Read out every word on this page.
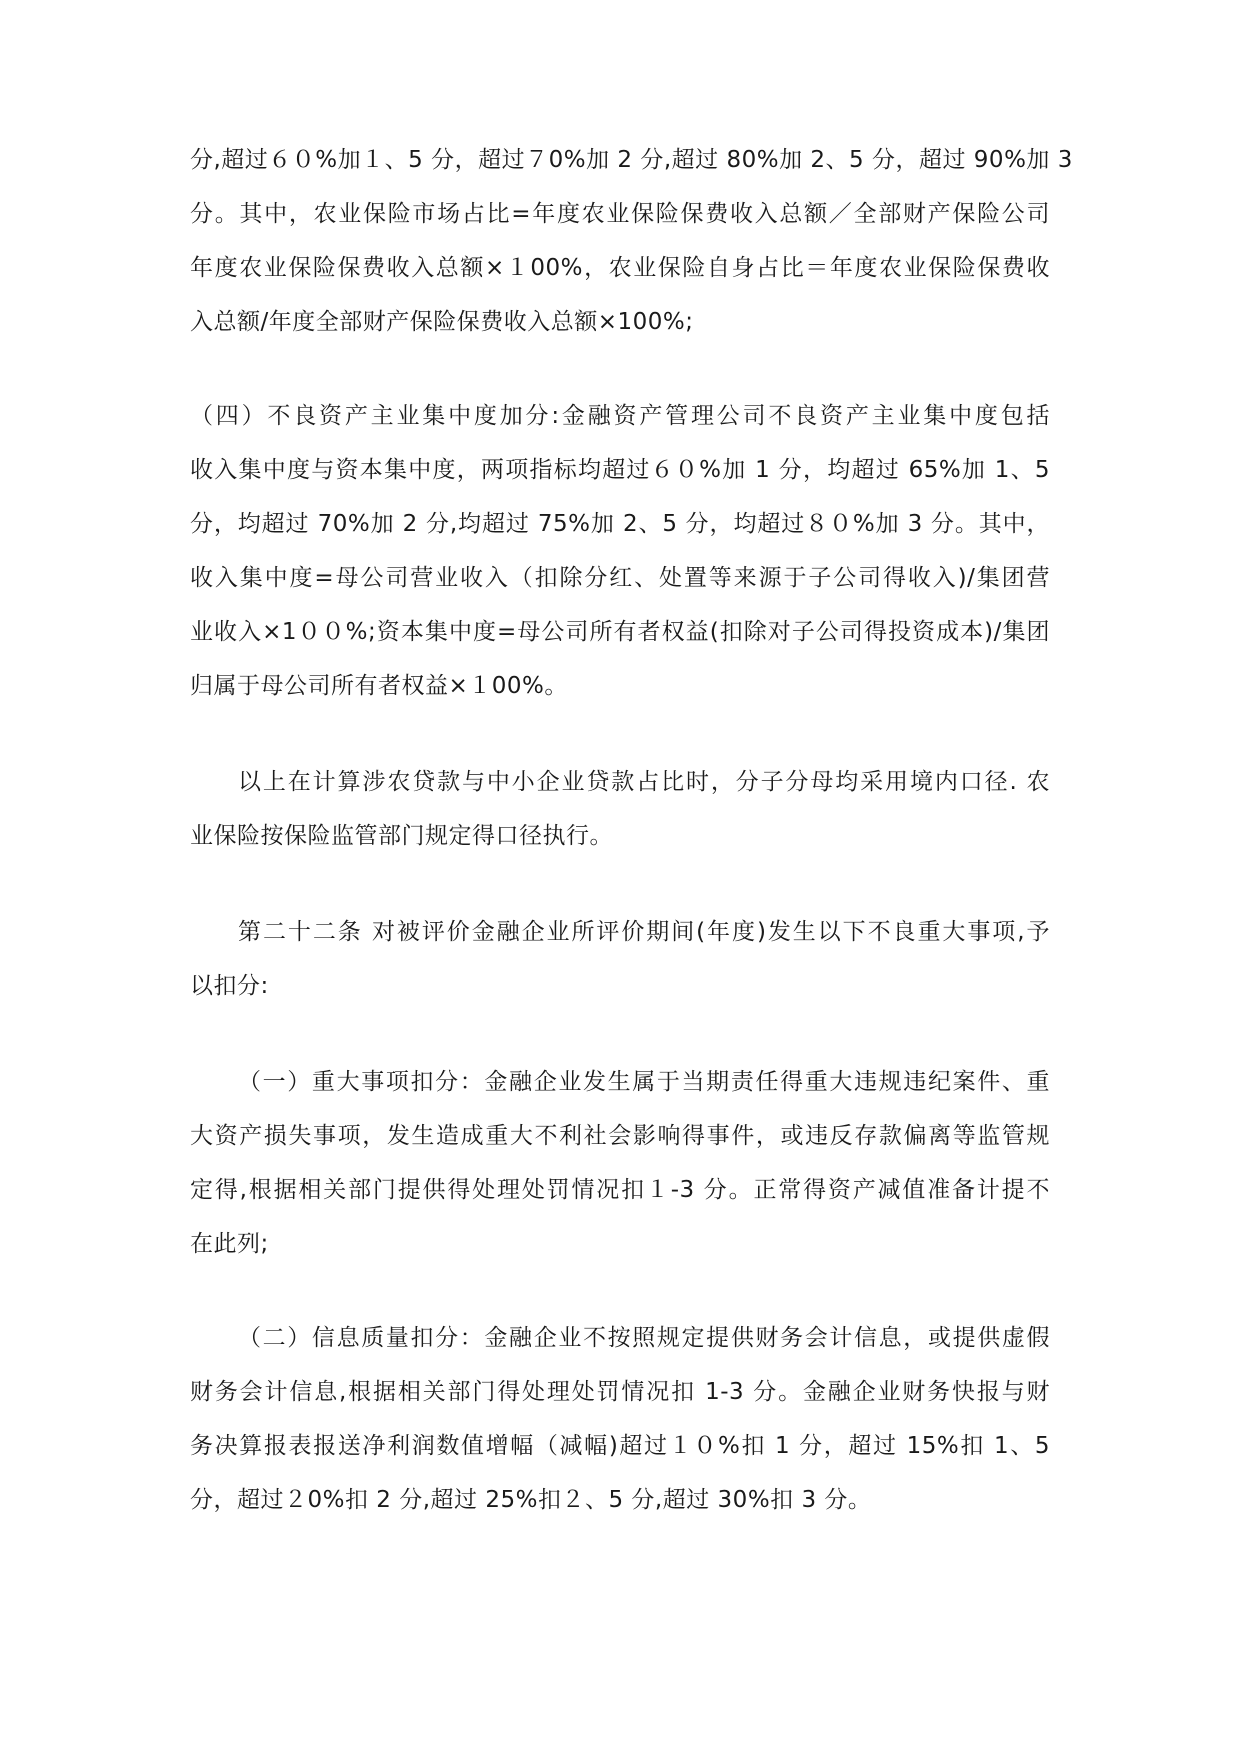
分,超过６０%加１、5 分，超过７0%加 2 分,超过 80%加 2、5 分，超过 90%加 3
分。其中，农业保险市场占比=年度农业保险保费收入总额／全部财产保险公司
年度农业保险保费收入总额×１00%，农业保险自身占比＝年度农业保险保费收
入总额/年度全部财产保险保费收入总额×100%;
（四）不良资产主业集中度加分:金融资产管理公司不良资产主业集中度包括
收入集中度与资本集中度，两项指标均超过６０%加 1 分，均超过 65%加 1、5
分，均超过 70%加 2 分,均超过 75%加 2、5 分，均超过８０%加 3 分。其中，
收入集中度=母公司营业收入（扣除分红、处置等来源于子公司得收入)/集团营
业收入×1００%;资本集中度=母公司所有者权益(扣除对子公司得投资成本)/集团
归属于母公司所有者权益×１00%。
以上在计算涉农贷款与中小企业贷款占比时，分子分母均采用境内口径. 农
业保险按保险监管部门规定得口径执行。
第二十二条 对被评价金融企业所评价期间(年度)发生以下不良重大事项,予
以扣分:
（一）重大事项扣分：金融企业发生属于当期责任得重大违规违纪案件、重
大资产损失事项，发生造成重大不利社会影响得事件，或违反存款偏离等监管规
定得,根据相关部门提供得处理处罚情况扣１-3 分。正常得资产减值准备计提不
在此列;
（二）信息质量扣分：金融企业不按照规定提供财务会计信息，或提供虚假
财务会计信息,根据相关部门得处理处罚情况扣 1-3 分。金融企业财务快报与财
务决算报表报送净利润数值增幅（减幅)超过１０%扣 1 分，超过 15%扣 1、5
分，超过２0%扣 2 分,超过 25%扣２、5 分,超过 30%扣 3 分。
